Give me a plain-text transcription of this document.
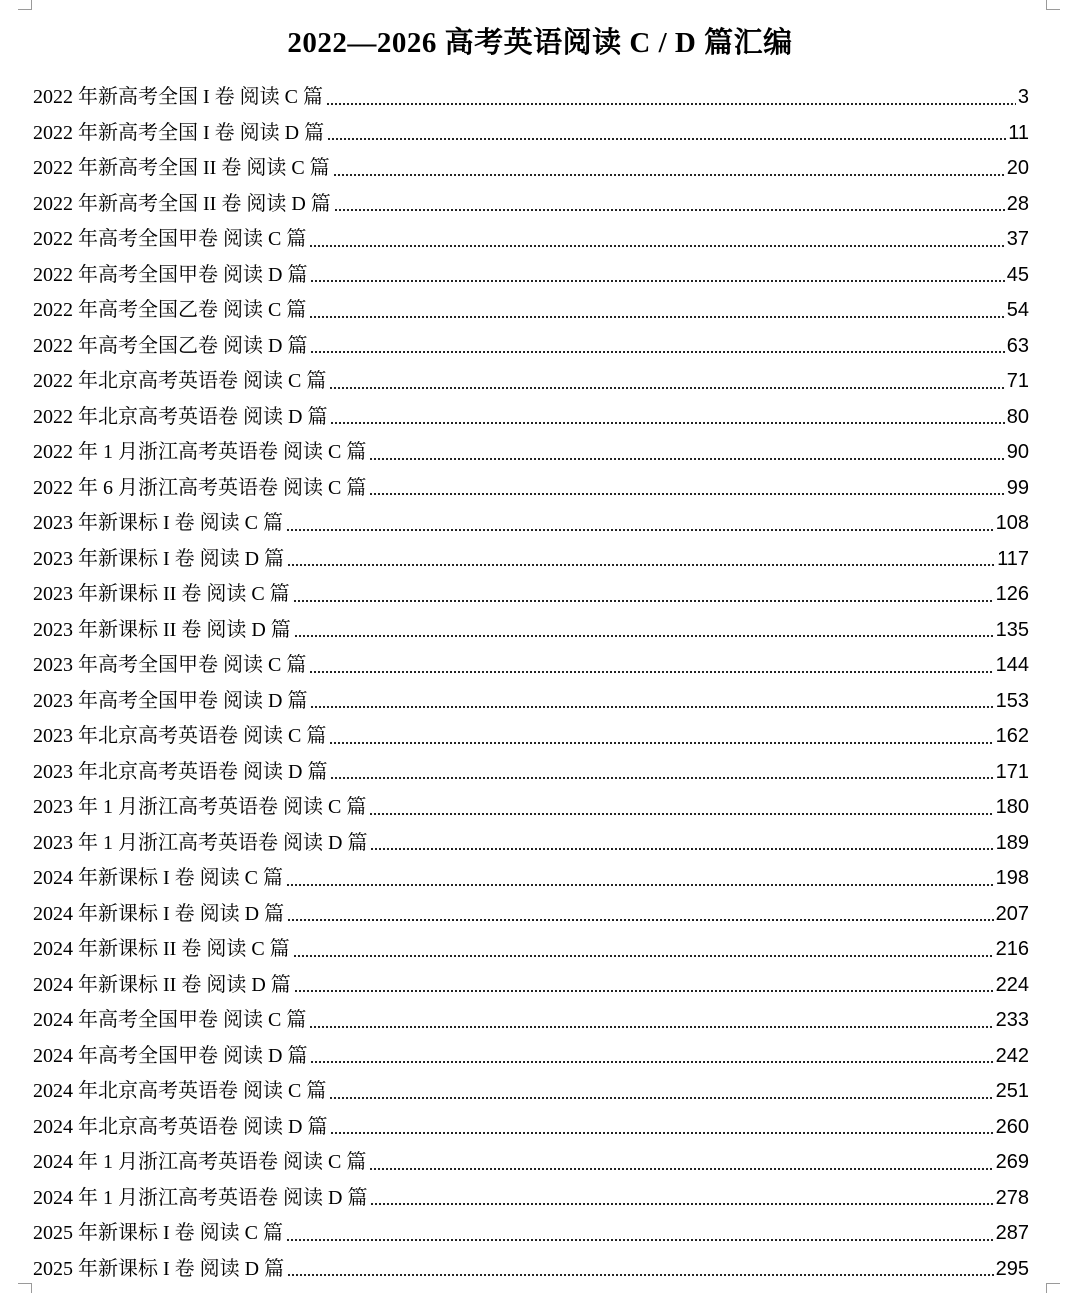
2022—2026 高考英语阅读 C / D 篇汇编
2022 年新高考全国 I 卷 阅读 C 篇	3
2022 年新高考全国 I 卷 阅读 D 篇	11
2022 年新高考全国 II 卷 阅读 C 篇	20
2022 年新高考全国 II 卷 阅读 D 篇	28
2022 年高考全国甲卷 阅读 C 篇	37
2022 年高考全国甲卷 阅读 D 篇	45
2022 年高考全国乙卷 阅读 C 篇	54
2022 年高考全国乙卷 阅读 D 篇	63
2022 年北京高考英语卷 阅读 C 篇	71
2022 年北京高考英语卷 阅读 D 篇	80
2022 年 1 月浙江高考英语卷 阅读 C 篇	90
2022 年 6 月浙江高考英语卷 阅读 C 篇	99
2023 年新课标 I 卷 阅读 C 篇	108
2023 年新课标 I 卷 阅读 D 篇	117
2023 年新课标 II 卷 阅读 C 篇	126
2023 年新课标 II 卷 阅读 D 篇	135
2023 年高考全国甲卷 阅读 C 篇	144
2023 年高考全国甲卷 阅读 D 篇	153
2023 年北京高考英语卷 阅读 C 篇	162
2023 年北京高考英语卷 阅读 D 篇	171
2023 年 1 月浙江高考英语卷 阅读 C 篇	180
2023 年 1 月浙江高考英语卷 阅读 D 篇	189
2024 年新课标 I 卷 阅读 C 篇	198
2024 年新课标 I 卷 阅读 D 篇	207
2024 年新课标 II 卷 阅读 C 篇	216
2024 年新课标 II 卷 阅读 D 篇	224
2024 年高考全国甲卷 阅读 C 篇	233
2024 年高考全国甲卷 阅读 D 篇	242
2024 年北京高考英语卷 阅读 C 篇	251
2024 年北京高考英语卷 阅读 D 篇	260
2024 年 1 月浙江高考英语卷 阅读 C 篇	269
2024 年 1 月浙江高考英语卷 阅读 D 篇	278
2025 年新课标 I 卷 阅读 C 篇	287
2025 年新课标 I 卷 阅读 D 篇	295
